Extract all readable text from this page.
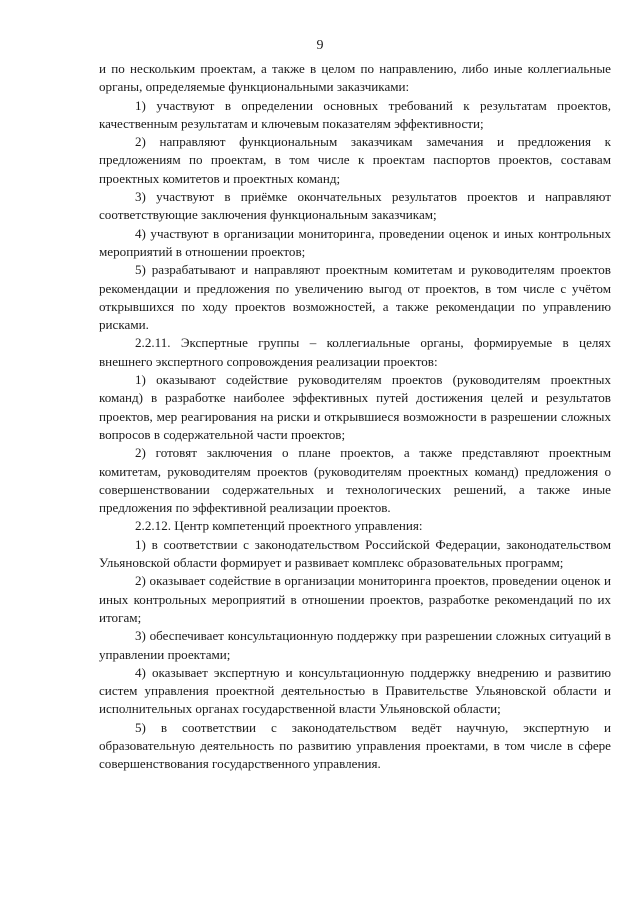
9

и по нескольким проектам, а также в целом по направлению, либо иные коллегиальные органы, определяемые функциональными заказчиками:

1) участвуют в определении основных требований к результатам проектов, качественным результатам и ключевым показателям эффективности;

2) направляют функциональным заказчикам замечания и предложения к предложениям по проектам, в том числе к проектам паспортов проектов, составам проектных комитетов и проектных команд;

3) участвуют в приёмке окончательных результатов проектов и направляют соответствующие заключения функциональным заказчикам;

4) участвуют в организации мониторинга, проведении оценок и иных контрольных мероприятий в отношении проектов;

5) разрабатывают и направляют проектным комитетам и руководителям проектов рекомендации и предложения по увеличению выгод от проектов, в том числе с учётом открывшихся по ходу проектов возможностей, а также рекомендации по управлению рисками.

2.2.11. Экспертные группы – коллегиальные органы, формируемые в целях внешнего экспертного сопровождения реализации проектов:

1) оказывают содействие руководителям проектов (руководителям проектных команд) в разработке наиболее эффективных путей достижения целей и результатов проектов, мер реагирования на риски и открывшиеся возможности в разрешении сложных вопросов в содержательной части проектов;

2) готовят заключения о плане проектов, а также представляют проектным комитетам, руководителям проектов (руководителям проектных команд) предложения о совершенствовании содержательных и технологических решений, а также иные предложения по эффективной реализации проектов.

2.2.12. Центр компетенций проектного управления:

1) в соответствии с законодательством Российской Федерации, законодательством Ульяновской области формирует и развивает комплекс образовательных программ;

2) оказывает содействие в организации мониторинга проектов, проведении оценок и иных контрольных мероприятий в отношении проектов, разработке рекомендаций по их итогам;

3) обеспечивает консультационную поддержку при разрешении сложных ситуаций в управлении проектами;

4) оказывает экспертную и консультационную поддержку внедрению и развитию систем управления проектной деятельностью в Правительстве Ульяновской области и исполнительных органах государственной власти Ульяновской области;

5) в соответствии с законодательством ведёт научную, экспертную и образовательную деятельность по развитию управления проектами, в том числе в сфере совершенствования государственного управления.
